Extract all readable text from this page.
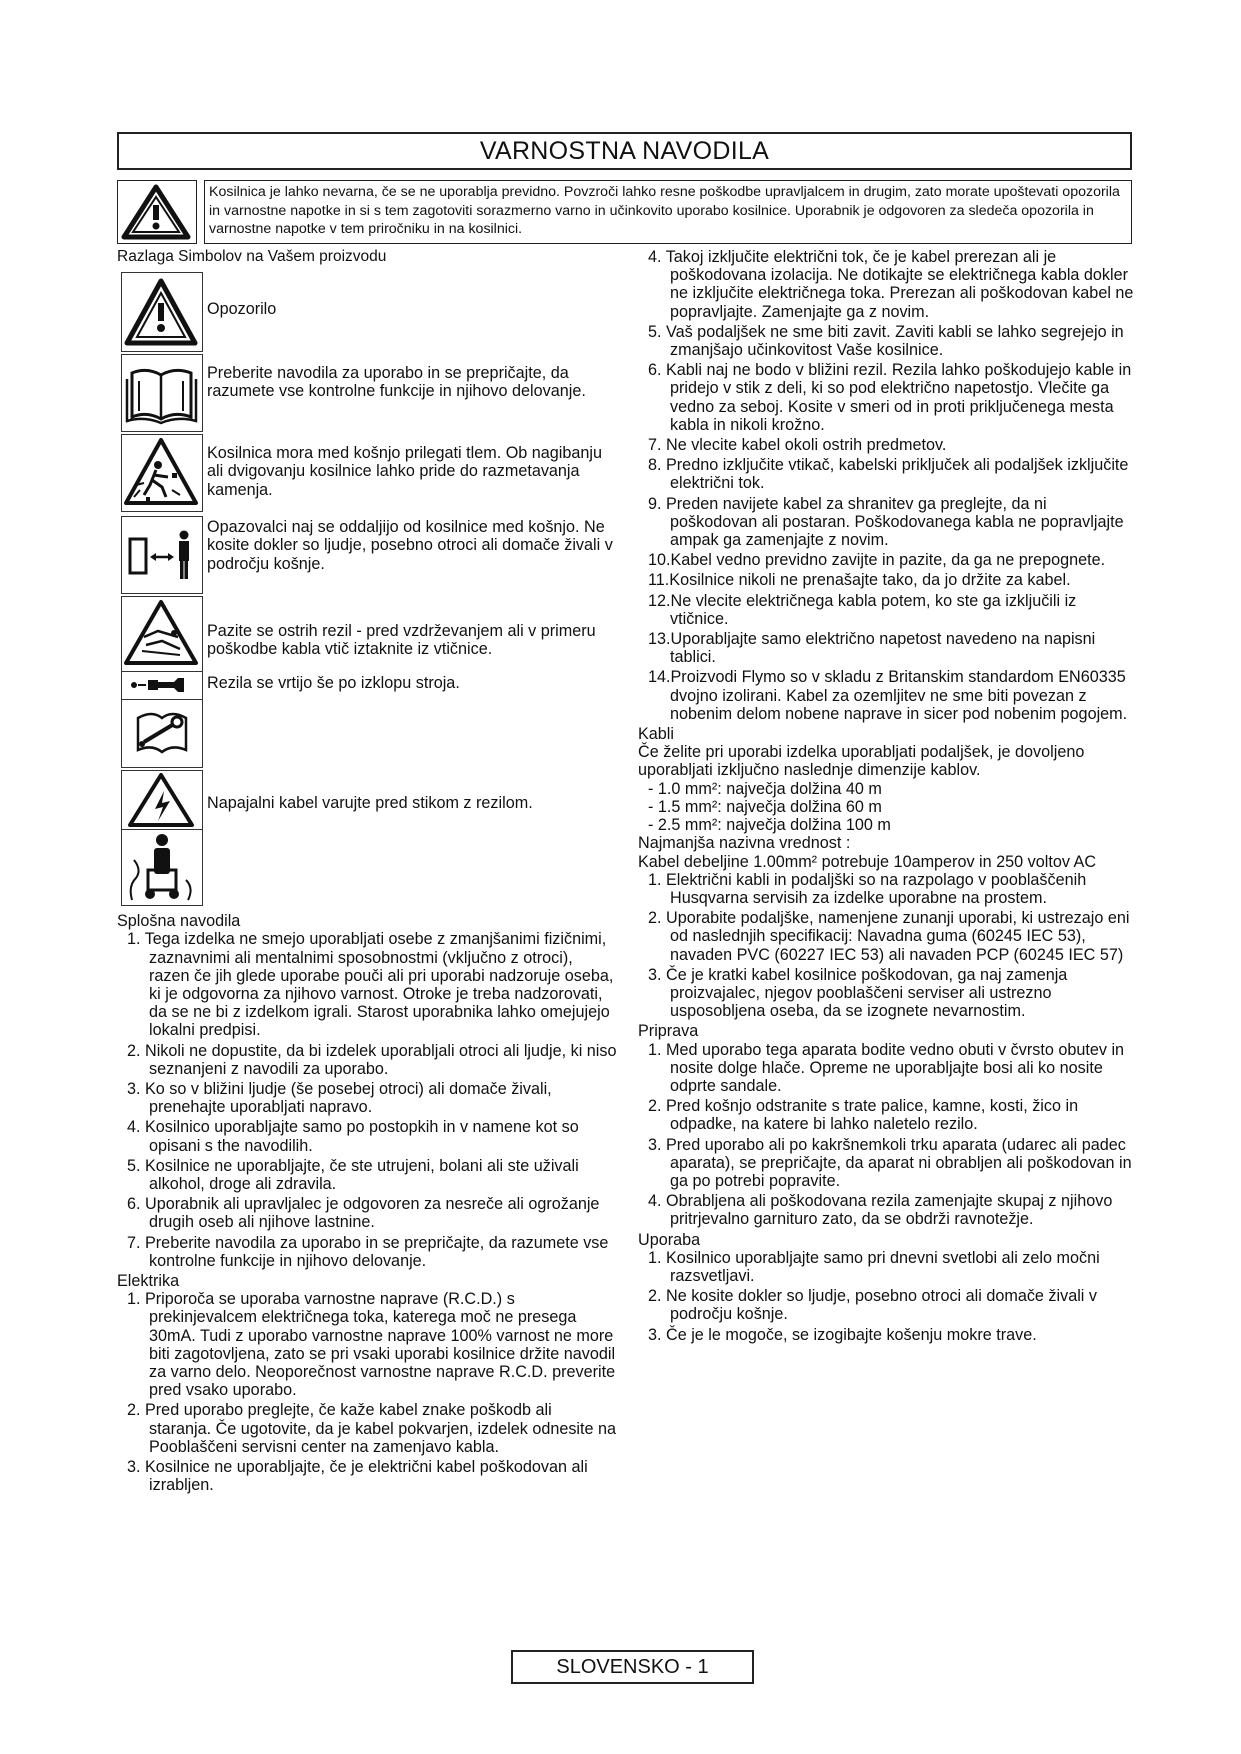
VARNOSTNA NAVODILA
Kosilnica je lahko nevarna, če se ne uporablja previdno. Povzroči lahko resne poškodbe upravljalcem in drugim, zato morate upoštevati opozorila in varnostne napotke in si s tem zagotoviti sorazmerno varno in učinkovito uporabo kosilnice. Uporabnik je odgovoren za sledeča opozorila in varnostne napotke v tem priročniku in na kosilnici.

Razlaga Simbolov na Vašem proizvodu

Opozorilo
Preberite navodila za uporabo in se prepričajte, da razumete vse kontrolne funkcije in njihovo delovanje.
Kosilnica mora med košnjo prilegati tlem. Ob nagibanju ali dvigovanju kosilnice lahko pride do razmetavanja kamenja.
Opazovalci naj se oddaljijo od kosilnice med košnjo. Ne kosite dokler so ljudje, posebno otroci ali domače živali v področju košnje.
Pazite se ostrih rezil - pred vzdrževanjem ali v primeru poškodbe kabla vtič iztaknite iz vtičnice.
Rezila se vrtijo še po izklopu stroja.
Napajalni kabel varujte pred stikom z rezilom.

Splošna navodila

1. Tega izdelka ne smejo uporabljati osebe z zmanjšanimi fizičnimi, zaznavnimi ali mentalnimi sposobnostmi (vključno z otroci), razen če jih glede uporabe pouči ali pri uporabi nadzoruje oseba, ki je odgovorna za njihovo varnost. Otroke je treba nadzorovati, da se ne bi z izdelkom igrali. Starost uporabnika lahko omejujejo lokalni predpisi.
2. Nikoli ne dopustite, da bi izdelek uporabljali otroci ali ljudje, ki niso seznanjeni z navodili za uporabo.
3. Ko so v bližini ljudje (še posebej otroci) ali domače živali, prenehajte uporabljati napravo.
4. Kosilnico uporabljajte samo po postopkih in v namene kot so opisani s the navodilih.
5. Kosilnice ne uporabljajte, če ste utrujeni, bolani ali ste uživali alkohol, droge ali zdravila.
6. Uporabnik ali upravljalec je odgovoren za nesreče ali ogrožanje drugih oseb ali njihove lastnine.
7. Preberite navodila za uporabo in se prepričajte, da razumete vse kontrolne funkcije in njihovo delovanje.

Elektrika

1. Priporoča se uporaba varnostne naprave (R.C.D.) s prekinjevalcem električnega toka, katerega moč ne presega 30mA. Tudi z uporabo varnostne naprave 100% varnost ne more biti zagotovljena, zato se pri vsaki uporabi kosilnice držite navodil za varno delo. Neoporečnost varnostne naprave R.C.D. preverite pred vsako uporabo.
2. Pred uporabo preglejte, če kaže kabel znake poškodb ali staranja. Če ugotovite, da je kabel pokvarjen, izdelek odnesite na Pooblaščeni servisni center na zamenjavo kabla.
3. Kosilnice ne uporabljajte, če je električni kabel poškodovan ali izrabljen.
4. Takoj izključite električni tok, če je kabel prerezan ali je poškodovana izolacija. Ne dotikajte se električnega kabla dokler ne izključite električnega toka. Prerezan ali poškodovan kabel ne popravljajte. Zamenjajte ga z novim.
5. Vaš podaljšek ne sme biti zavit. Zaviti kabli se lahko segrejejo in zmanjšajo učinkovitost Vaše kosilnice.
6. Kabli naj ne bodo v bližini rezil. Rezila lahko poškodujejo kable in pridejo v stik z deli, ki so pod električno napetostjo. Vlečite ga vedno za seboj. Kosite v smeri od in proti priključenega mesta kabla in nikoli krožno.
7. Ne vlecite kabel okoli ostrih predmetov.
8. Predno izključite vtikač, kabelski priključek ali podaljšek izključite električni tok.
9. Preden navijete kabel za shranitev ga preglejte, da ni poškodovan ali postaran. Poškodovanega kabla ne popravljajte ampak ga zamenjajte z novim.
10.Kabel vedno previdno zavijte in pazite, da ga ne prepognete.
11.Kosilnice nikoli ne prenašajte tako, da jo držite za kabel.
12.Ne vlecite električnega kabla potem, ko ste ga izključili iz vtičnice.
13.Uporabljajte samo električno napetost navedeno na napisni tablici.
14.Proizvodi Flymo so v skladu z Britanskim standardom EN60335 dvojno izolirani. Kabel za ozemljitev ne sme biti povezan z nobenim delom nobene naprave in sicer pod nobenim pogojem.

Kabli

Če želite pri uporabi izdelka uporabljati podaljšek, je dovoljeno uporabljati izključno naslednje dimenzije kablov.

- 1.0 mm²: največja dolžina 40 m
- 1.5 mm²: največja dolžina 60 m
- 2.5 mm²: največja dolžina 100 m

Najmanjša nazivna vrednost :

Kabel debeljine 1.00mm² potrebuje 10amperov in 250 voltov AC

1. Električni kabli in podaljški so na razpolago v pooblaščenih Husqvarna servisih za izdelke uporabne na prostem.
2. Uporabite podaljške, namenjene zunanji uporabi, ki ustrezajo eni od naslednjih specifikacij: Navadna guma (60245 IEC 53), navaden PVC (60227 IEC 53) ali navaden PCP (60245 IEC 57)
3. Če je kratki kabel kosilnice poškodovan, ga naj zamenja proizvajalec, njegov pooblaščeni serviser ali ustrezno usposobljena oseba, da se izognete nevarnostim.

Priprava

1. Med uporabo tega aparata bodite vedno obuti v čvrsto obutev in nosite dolge hlače. Opreme ne uporabljajte bosi ali ko nosite odprte sandale.
2. Pred košnjo odstranite s trate palice, kamne, kosti, žico in odpadke, na katere bi lahko naletelo rezilo.
3. Pred uporabo ali po kakršnemkoli trku aparata (udarec ali padec aparata), se prepričajte, da aparat ni obrabljen ali poškodovan in ga po potrebi popravite.
4. Obrabljena ali poškodovana rezila zamenjajte skupaj z njihovo pritrjevalno garnituro zato, da se obdrži ravnotežje.

Uporaba

1. Kosilnico uporabljajte samo pri dnevni svetlobi ali zelo močni razsvetljavi.
2. Ne kosite dokler so ljudje, posebno otroci ali domače živali v področju košnje.
3. Če je le mogoče, se izogibajte košenju mokre trave.
SLOVENSKO - 1
